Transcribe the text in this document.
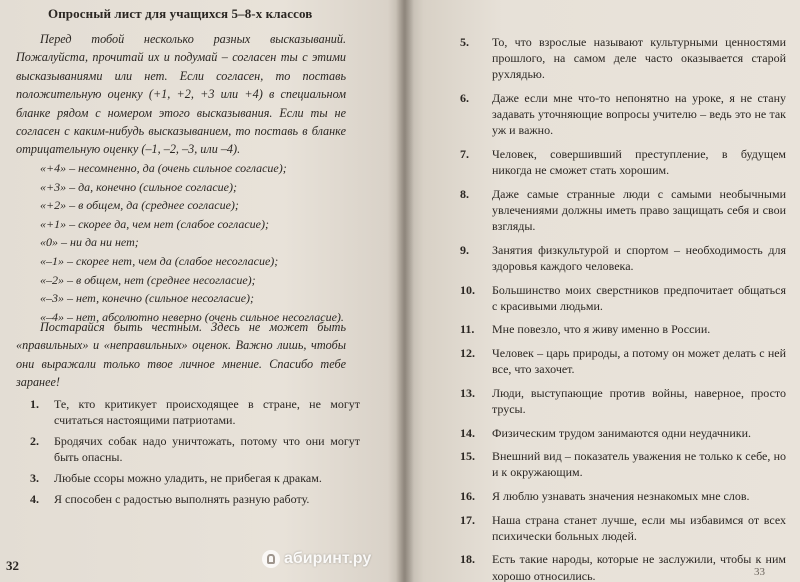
Опросный лист для учащихся 5–8-х классов

Перед тобой несколько разных высказываний. Пожалуйста, прочитай их и подумай – согласен ты с этими высказываниями или нет. Если согласен, то поставь положительную оценку (+1, +2, +3 или +4) в специальном бланке рядом с номером этого высказывания. Если ты не согласен с каким-нибудь высказыванием, то поставь в бланке отрицательную оценку (–1, –2, –3, или –4).

«+4» – несомненно, да (очень сильное согласие);
«+3» – да, конечно (сильное согласие);
«+2» – в общем, да (среднее согласие);
«+1» – скорее да, чем нет (слабое согласие);
«0» – ни да ни нет;
«–1» – скорее нет, чем да (слабое несогласие);
«–2» – в общем, нет (среднее несогласие);
«–3» – нет, конечно (сильное несогласие);
«–4» – нет, абсолютно неверно (очень сильное несогласие).

Постарайся быть честным. Здесь не может быть «правильных» и «неправильных» оценок. Важно лишь, чтобы они выражали только твое личное мнение. Спасибо тебе заранее!

1. Те, кто критикует происходящее в стране, не могут считаться настоящими патриотами.
2. Бродячих собак надо уничтожать, потому что они могут быть опасны.
3. Любые ссоры можно уладить, не прибегая к дракам.
4. Я способен с радостью выполнять разную работу.
32
5. То, что взрослые называют культурными ценностями прошлого, на самом деле часто оказывается старой рухлядью.
6. Даже если мне что-то непонятно на уроке, я не стану задавать уточняющие вопросы учителю – ведь это не так уж и важно.
7. Человек, совершивший преступление, в будущем никогда не сможет стать хорошим.
8. Даже самые странные люди с самыми необычными увлечениями должны иметь право защищать себя и свои взгляды.
9. Занятия физкультурой и спортом – необходимость для здоровья каждого человека.
10. Большинство моих сверстников предпочитает общаться с красивыми людьми.
11. Мне повезло, что я живу именно в России.
12. Человек – царь природы, а потому он может делать с ней все, что захочет.
13. Люди, выступающие против войны, наверное, просто трусы.
14. Физическим трудом занимаются одни неудачники.
15. Внешний вид – показатель уважения не только к себе, но и к окружающим.
16. Я люблю узнавать значения незнакомых мне слов.
17. Наша страна станет лучше, если мы избавимся от всех психически больных людей.
18. Есть такие народы, которые не заслужили, чтобы к ним хорошо относились.	33
абиринт.ру
